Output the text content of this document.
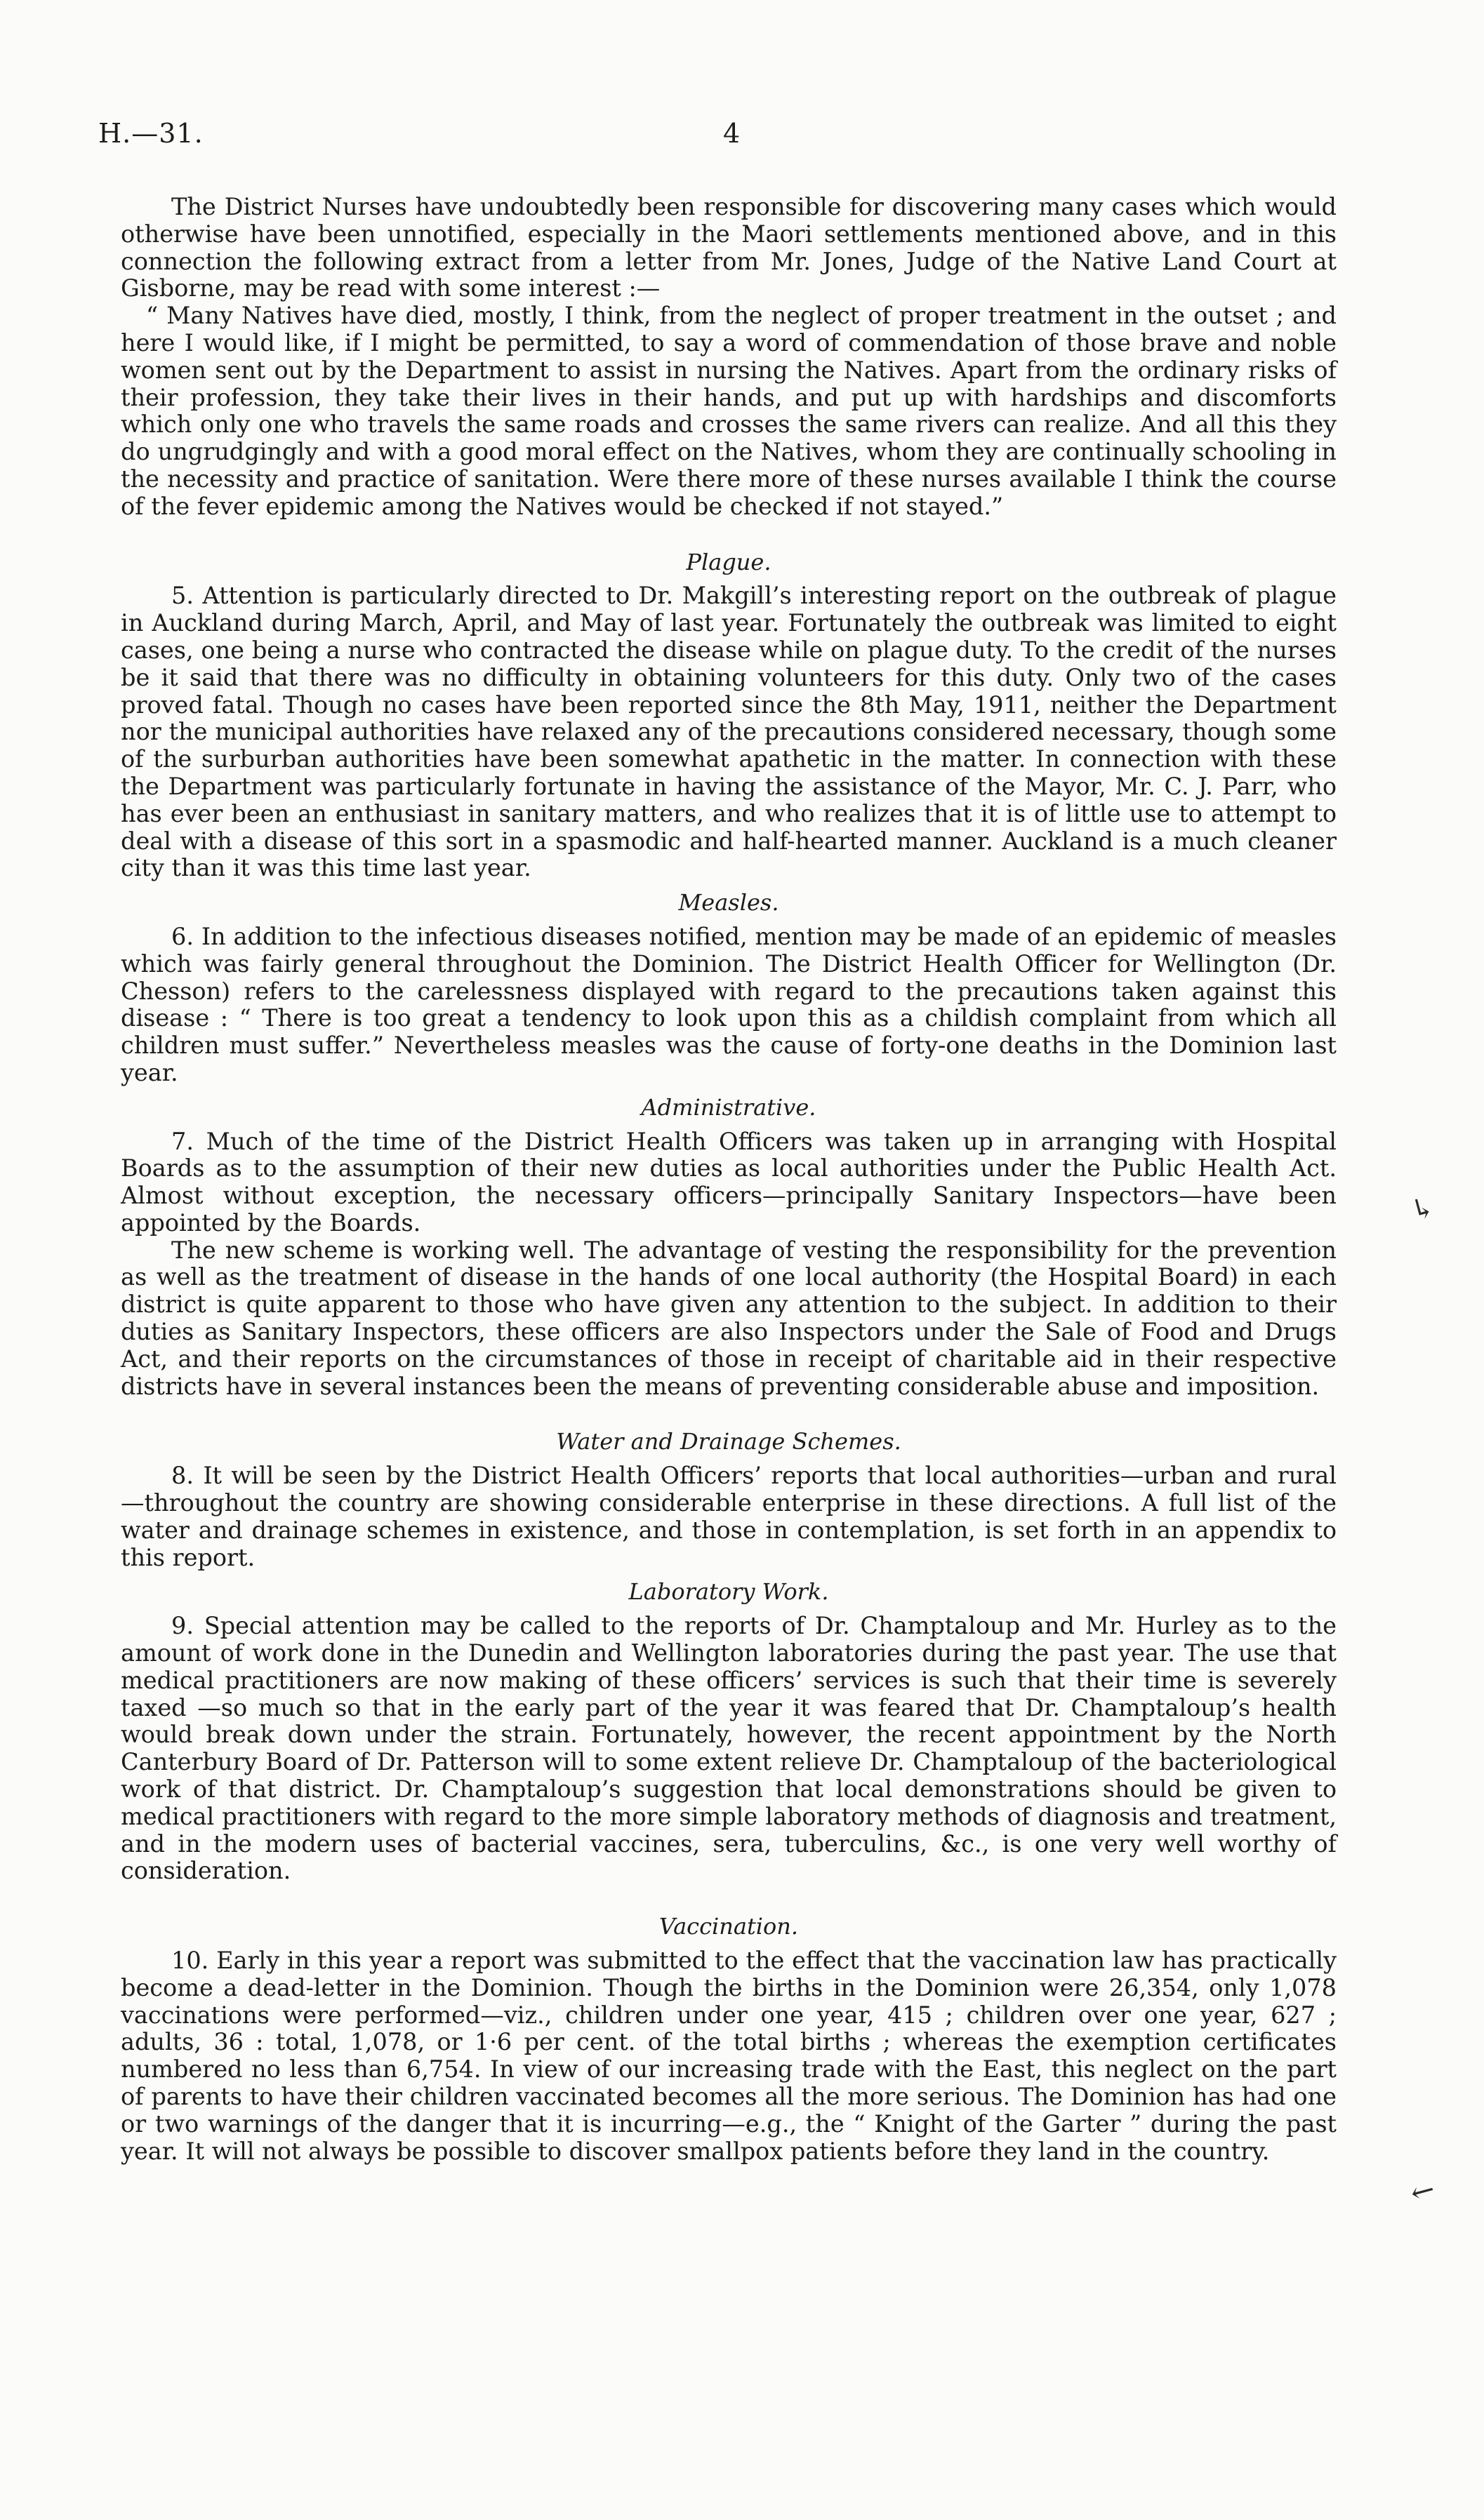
H.—31.	4

The District Nurses have undoubtedly been responsible for discovering many cases which would otherwise have been unnotified, especially in the Maori settlements mentioned above, and in this connection the following extract from a letter from Mr. Jones, Judge of the Native Land Court at Gisborne, may be read with some interest :—

“ Many Natives have died, mostly, I think, from the neglect of proper treatment in the outset ; and here I would like, if I might be permitted, to say a word of commendation of those brave and noble women sent out by the Department to assist in nursing the Natives. Apart from the ordinary risks of their profession, they take their lives in their hands, and put up with hardships and discomforts which only one who travels the same roads and crosses the same rivers can realize. And all this they do ungrudgingly and with a good moral effect on the Natives, whom they are continually schooling in the necessity and practice of sanitation. Were there more of these nurses available I think the course of the fever epidemic among the Natives would be checked if not stayed.”

Plague.

5. Attention is particularly directed to Dr. Makgill’s interesting report on the outbreak of plague in Auckland during March, April, and May of last year. Fortunately the outbreak was limited to eight cases, one being a nurse who contracted the disease while on plague duty. To the credit of the nurses be it said that there was no difficulty in obtaining volunteers for this duty. Only two of the cases proved fatal. Though no cases have been reported since the 8th May, 1911, neither the Department nor the municipal authorities have relaxed any of the precautions considered necessary, though some of the surburban authorities have been somewhat apathetic in the matter. In connection with these the Department was particularly fortunate in having the assistance of the Mayor, Mr. C. J. Parr, who has ever been an enthusiast in sanitary matters, and who realizes that it is of little use to attempt to deal with a disease of this sort in a spasmodic and half-hearted manner. Auckland is a much cleaner city than it was this time last year.

Measles.

6. In addition to the infectious diseases notified, mention may be made of an epidemic of measles which was fairly general throughout the Dominion. The District Health Officer for Wellington (Dr. Chesson) refers to the carelessness displayed with regard to the precautions taken against this disease : “ There is too great a tendency to look upon this as a childish complaint from which all children must suffer.” Nevertheless measles was the cause of forty-one deaths in the Dominion last year.

Administrative.

7. Much of the time of the District Health Officers was taken up in arranging with Hospital Boards as to the assumption of their new duties as local authorities under the Public Health Act. Almost without exception, the necessary officers—principally Sanitary Inspectors—have been appointed by the Boards.

The new scheme is working well. The advantage of vesting the responsibility for the prevention as well as the treatment of disease in the hands of one local authority (the Hospital Board) in each district is quite apparent to those who have given any attention to the subject. In addition to their duties as Sanitary Inspectors, these officers are also Inspectors under the Sale of Food and Drugs Act, and their reports on the circumstances of those in receipt of charitable aid in their respective districts have in several instances been the means of preventing considerable abuse and imposition.

Water and Drainage Schemes.

8. It will be seen by the District Health Officers’ reports that local authorities—urban and rural —throughout the country are showing considerable enterprise in these directions. A full list of the water and drainage schemes in existence, and those in contemplation, is set forth in an appendix to this report.

Laboratory Work.

9. Special attention may be called to the reports of Dr. Champtaloup and Mr. Hurley as to the amount of work done in the Dunedin and Wellington laboratories during the past year. The use that medical practitioners are now making of these officers’ services is such that their time is severely taxed —so much so that in the early part of the year it was feared that Dr. Champtaloup’s health would break down under the strain. Fortunately, however, the recent appointment by the North Canterbury Board of Dr. Patterson will to some extent relieve Dr. Champtaloup of the bacteriological work of that district. Dr. Champtaloup’s suggestion that local demonstrations should be given to medical practitioners with regard to the more simple laboratory methods of diagnosis and treatment, and in the modern uses of bacterial vaccines, sera, tuberculins, &c., is one very well worthy of consideration.

Vaccination.

10. Early in this year a report was submitted to the effect that the vaccination law has practically become a dead-letter in the Dominion. Though the births in the Dominion were 26,354, only 1,078 vaccinations were performed—viz., children under one year, 415 ; children over one year, 627 ; adults, 36 : total, 1,078, or 1·6 per cent. of the total births ; whereas the exemption certificates numbered no less than 6,754. In view of our increasing trade with the East, this neglect on the part of parents to have their children vaccinated becomes all the more serious. The Dominion has had one or two warnings of the danger that it is incurring—e.g., the “ Knight of the Garter ” during the past year. It will not always be possible to discover smallpox patients before they land in the country.

↳
←
